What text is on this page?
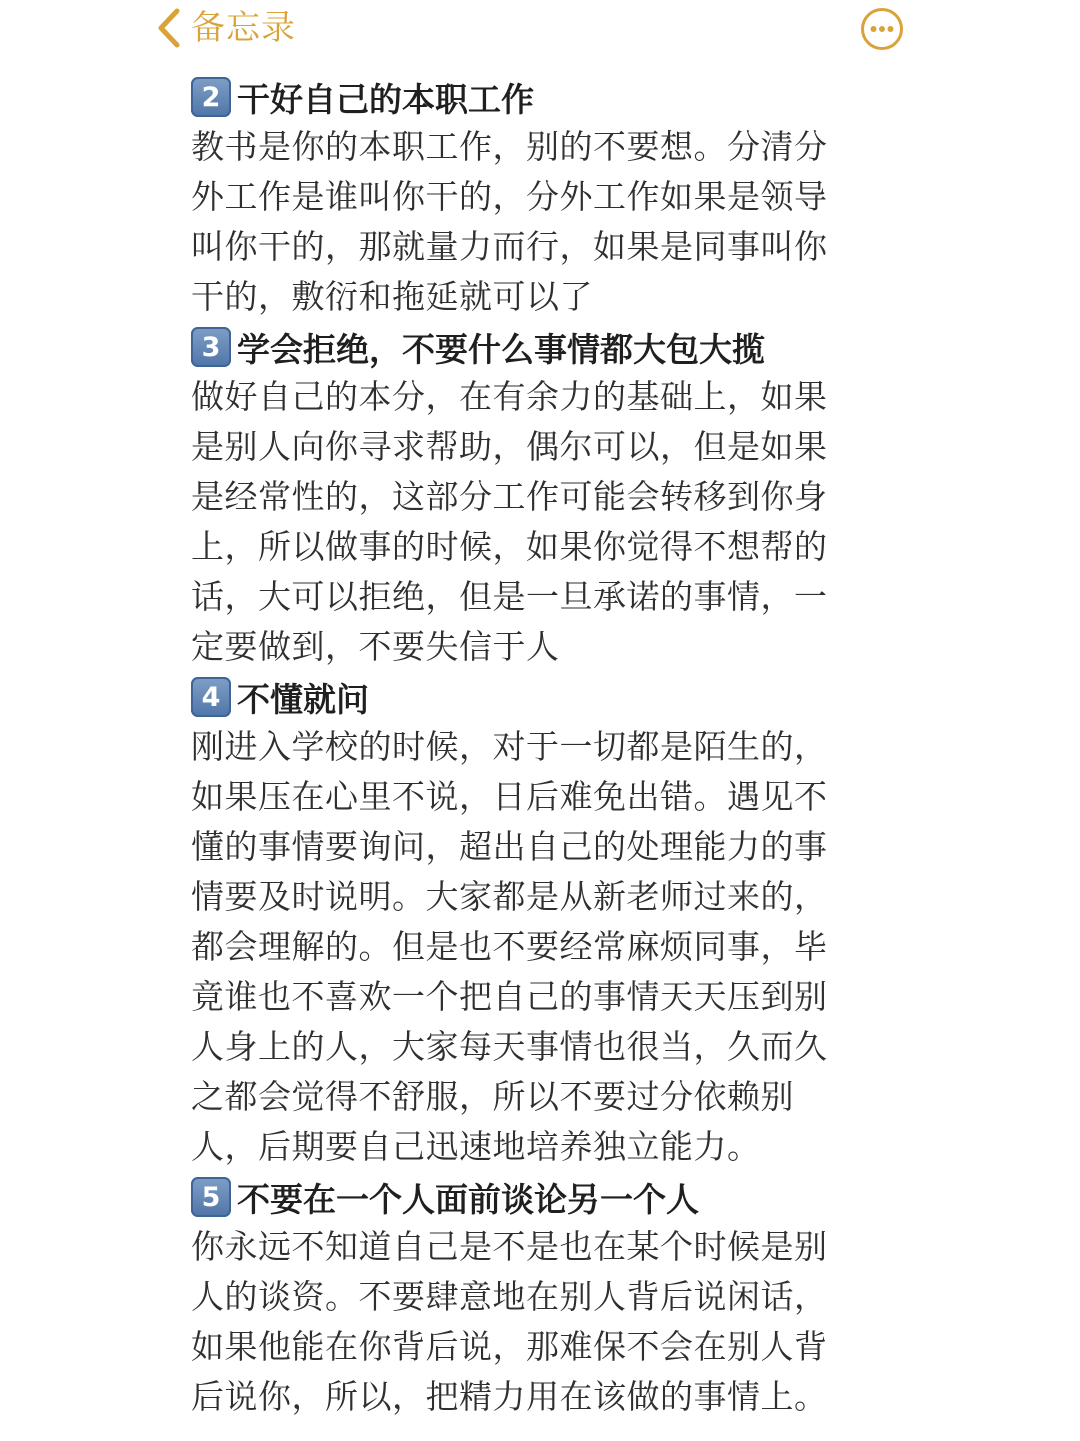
备忘录
2 干好自己的本职工作
教书是你的本职工作，别的不要想。分清分
外工作是谁叫你干的，分外工作如果是领导
叫你干的，那就量力而行，如果是同事叫你
干的，敷衍和拖延就可以了
3 学会拒绝，不要什么事情都大包大揽
做好自己的本分，在有余力的基础上，如果
是别人向你寻求帮助，偶尔可以，但是如果
是经常性的，这部分工作可能会转移到你身
上，所以做事的时候，如果你觉得不想帮的
话，大可以拒绝，但是一旦承诺的事情，一
定要做到，不要失信于人
4 不懂就问
刚进入学校的时候，对于一切都是陌生的，
如果压在心里不说，日后难免出错。遇见不
懂的事情要询问，超出自己的处理能力的事
情要及时说明。大家都是从新老师过来的，
都会理解的。但是也不要经常麻烦同事，毕
竟谁也不喜欢一个把自己的事情天天压到别
人身上的人，大家每天事情也很当，久而久
之都会觉得不舒服，所以不要过分依赖别
人，后期要自己迅速地培养独立能力。
5 不要在一个人面前谈论另一个人
你永远不知道自己是不是也在某个时候是别
人的谈资。不要肆意地在别人背后说闲话，
如果他能在你背后说，那难保不会在别人背
后说你，所以，把精力用在该做的事情上。
